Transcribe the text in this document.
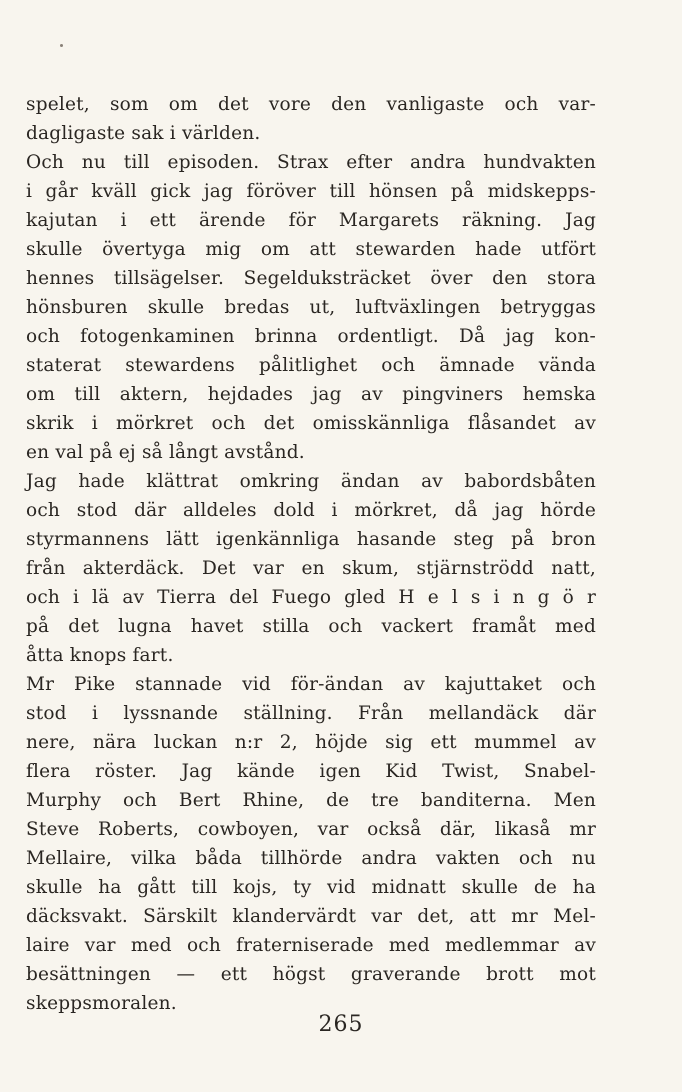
spelet, som om det vore den vanligaste och var-
dagligaste sak i världen.
Och nu till episoden. Strax efter andra hundvakten
i går kväll gick jag föröver till hönsen på midskepps-
kajutan i ett ärende för Margarets räkning. Jag
skulle övertyga mig om att stewarden hade utfört
hennes tillsägelser. Segelduksträcket över den stora
hönsburen skulle bredas ut, luftväxlingen betryggas
och fotogenkaminen brinna ordentligt. Då jag kon-
staterat stewardens pålitlighet och ämnade vända
om till aktern, hejdades jag av pingviners hemska
skrik i mörkret och det omisskännliga flåsandet av
en val på ej så långt avstånd.
Jag hade klättrat omkring ändan av babordsbåten
och stod där alldeles dold i mörkret, då jag hörde
styrmannens lätt igenkännliga hasande steg på bron
från akterdäck. Det var en skum, stjärnströdd natt,
och i lä av Tierra del Fuego gled H e l s i n g ö r
på det lugna havet stilla och vackert framåt med
åtta knops fart.
Mr Pike stannade vid för-ändan av kajuttaket och
stod i lyssnande ställning. Från mellandäck där
nere, nära luckan n:r 2, höjde sig ett mummel av
flera röster. Jag kände igen Kid Twist, Snabel-
Murphy och Bert Rhine, de tre banditerna. Men
Steve Roberts, cowboyen, var också där, likaså mr
Mellaire, vilka båda tillhörde andra vakten och nu
skulle ha gått till kojs, ty vid midnatt skulle de ha
däcksvakt. Särskilt klandervärdt var det, att mr Mel-
laire var med och fraterniserade med medlemmar av
besättningen — ett högst graverande brott mot
skeppsmoralen.
265
